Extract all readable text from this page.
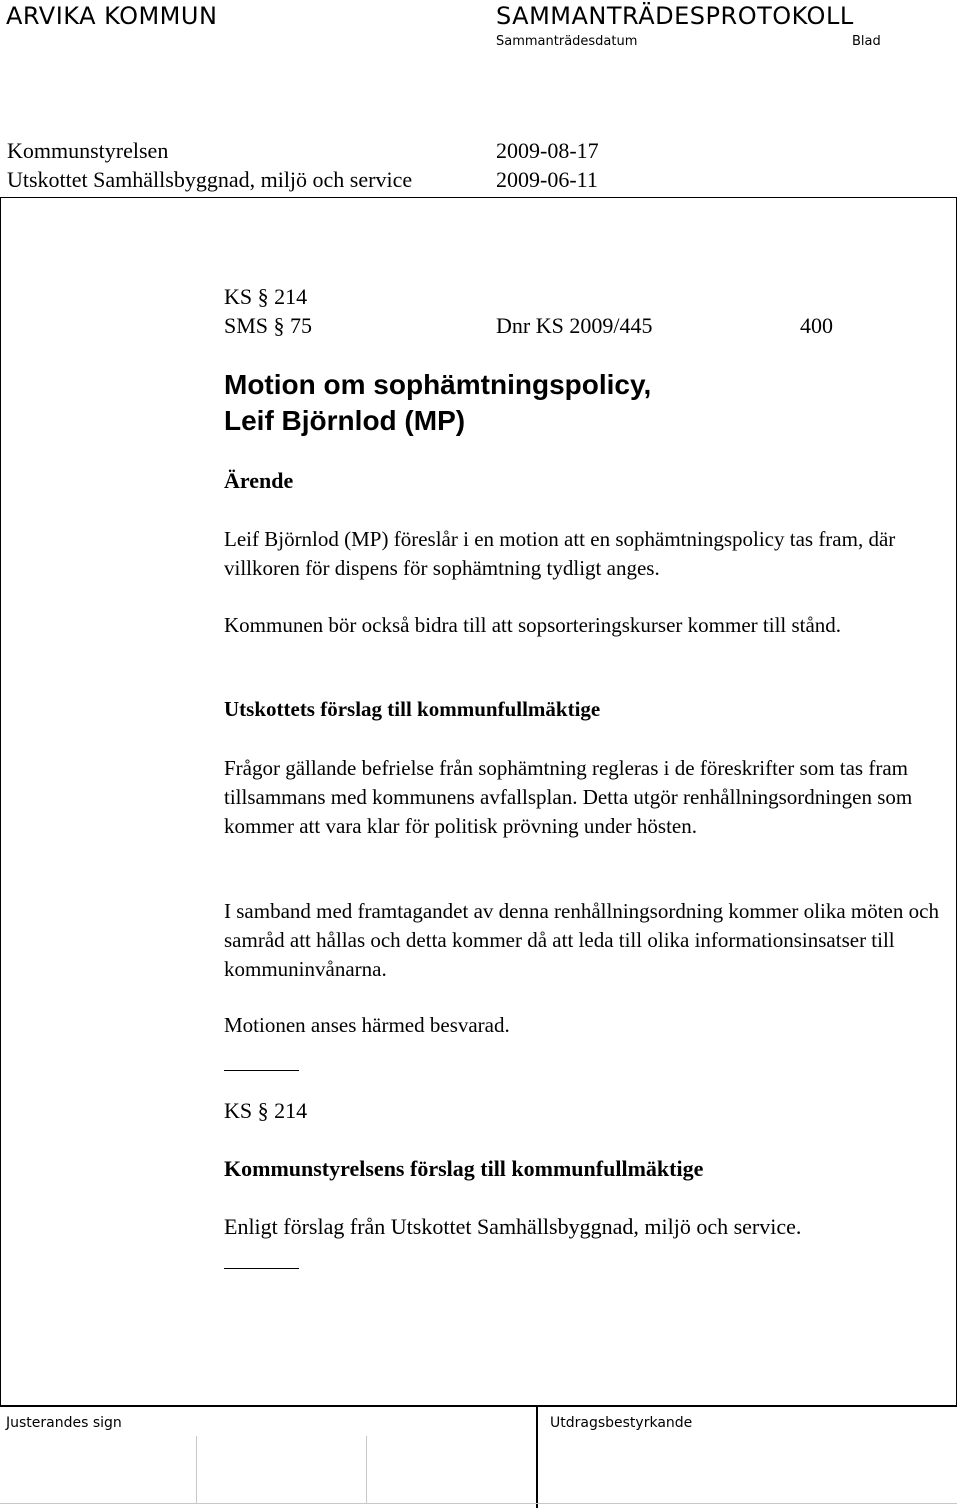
ARVIKA KOMMUN	SAMMANTRÄDESPROTOKOLL
Sammanträdesdatum	Blad
Kommunstyrelsen	2009-08-17
Utskottet Samhällsbyggnad, miljö och service	2009-06-11
KS § 214
SMS § 75	Dnr KS 2009/445	400
Motion om sophämtningspolicy,
Leif Björnlod (MP)
Ärende
Leif Björnlod (MP) föreslår i en motion att en sophämtningspolicy tas fram, där villkoren för dispens för sophämtning tydligt anges.
Kommunen bör också bidra till att sopsorteringskurser kommer till stånd.
Utskottets förslag till kommunfullmäktige
Frågor gällande befrielse från sophämtning regleras i de föreskrifter som tas fram tillsammans med kommunens avfallsplan. Detta utgör renhållningsordningen som kommer att vara klar för politisk prövning under hösten.
I samband med framtagandet av denna renhållningsordning kommer olika möten och samråd att hållas och detta kommer då att leda till olika informationsinsatser till kommuninvånarna.
Motionen anses härmed besvarad.
KS § 214
Kommunstyrelsens förslag till kommunfullmäktige
Enligt förslag från Utskottet Samhällsbyggnad, miljö och service.
Justerandes sign	Utdragsbestyrkande
